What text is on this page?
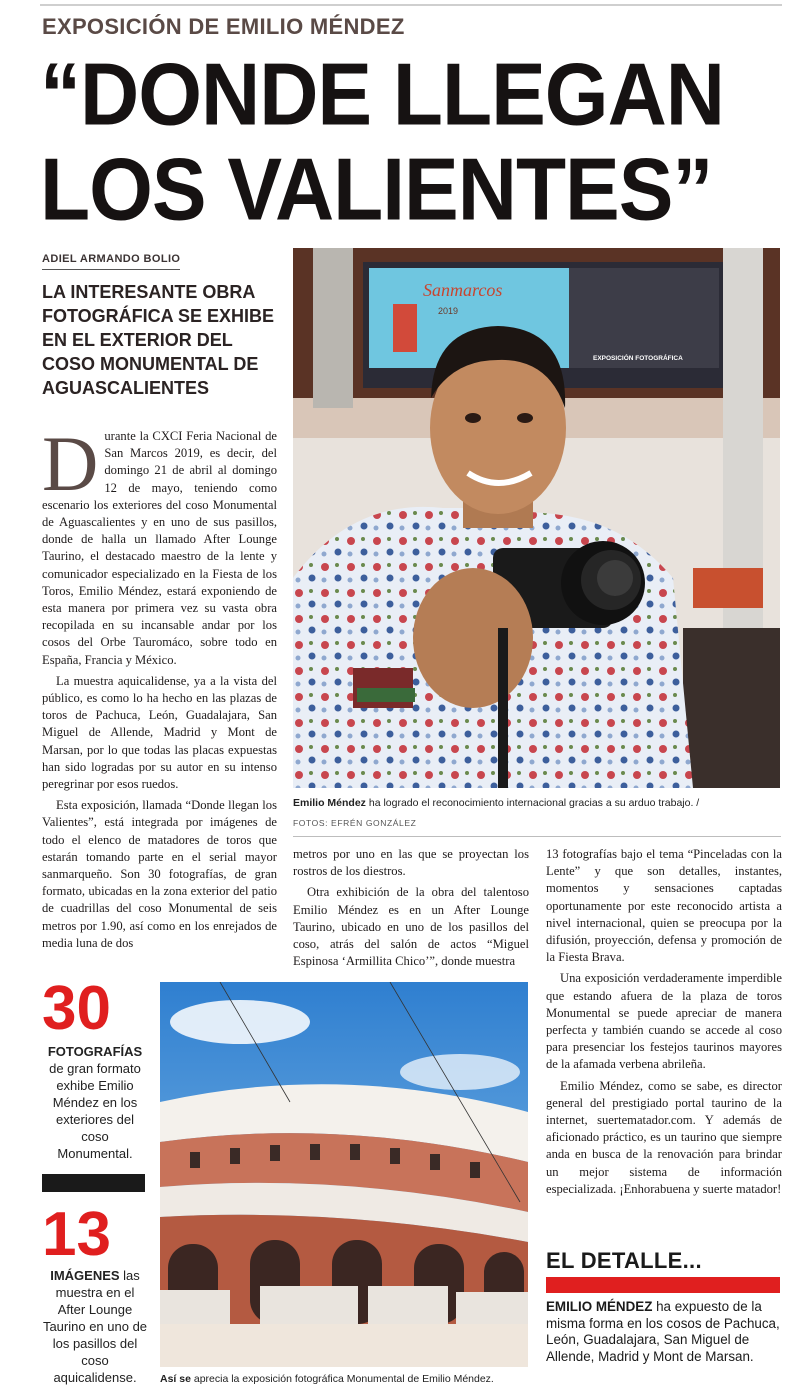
EXPOSICIÓN DE EMILIO MÉNDEZ
“DONDE LLEGAN
LOS VALIENTES”
ADIEL ARMANDO BOLIO
LA INTERESANTE OBRA FOTOGRÁFICA SE EXHIBE EN EL EXTERIOR DEL COSO MONUMENTAL DE AGUASCALIENTES

Durante la CXCI Feria Nacional de San Marcos 2019, es decir, del domingo 21 de abril al domingo 12 de mayo, teniendo como escenario los exteriores del coso Monumental de Aguascalientes y en uno de sus pasillos, donde de halla un llamado After Lounge Taurino, el destacado maestro de la lente y comunicador especializado en la Fiesta de los Toros, Emilio Méndez, estará exponiendo de esta manera por primera vez su vasta obra recopilada en su incansable andar por los cosos del Orbe Tauromáco, sobre todo en España, Francia y México.

La muestra aquicalidense, ya a la vista del público, es como lo ha hecho en las plazas de toros de Pachuca, León, Guadalajara, San Miguel de Allende, Madrid y Mont de Marsan, por lo que todas las placas expuestas han sido logradas por su autor en su intenso peregrinar por esos ruedos.

Esta exposición, llamada “Donde llegan los Valientes”, está integrada por imágenes de todo el elenco de matadores de toros que estarán tomando parte en el serial mayor sanmarqueño. Son 30 fotografías, de gran formato, ubicadas en la zona exterior del patio de cuadrillas del coso Monumental de seis metros por 1.90, así como en los enrejados de media luna de dos

Sanmarcos
2019
EXPOSICIÓN FOTOGRÁFICA
Emilio Méndez ha logrado el reconocimiento internacional gracias a su arduo trabajo. /
FOTOS: EFRÉN GONZÁLEZ

metros por uno en las que se proyectan los rostros de los diestros.

Otra exhibición de la obra del talentoso Emilio Méndez es en un After Lounge Taurino, ubicado en uno de los pasillos del coso, atrás del salón de actos “Miguel Espinosa ‘Armillita Chico’”, donde muestra

13 fotografías bajo el tema “Pinceladas con la Lente” y que son detalles, instantes, momentos y sensaciones captadas oportunamente por este reconocido artista a nivel internacional, quien se preocupa por la difusión, proyección, defensa y promoción de la Fiesta Brava.

Una exposición verdaderamente imperdible que estando afuera de la plaza de toros Monumental se puede apreciar de manera perfecta y también cuando se accede al coso para presenciar los festejos taurinos mayores de la afamada verbena abrileña.

Emilio Méndez, como se sabe, es director general del prestigiado portal taurino de la internet, suertematador.com. Y además de aficionado práctico, es un taurino que siempre anda en busca de la renovación para brindar un mejor sistema de información especializada. ¡Enhorabuena y suerte matador!

30
FOTOGRAFÍAS de gran formato exhibe Emilio Méndez en los exteriores del coso Monumental.
13
IMÁGENES las muestra en el After Lounge Taurino en uno de los pasillos del coso aquicalidense.	Así se aprecia la exposición fotográfica Monumental de Emilio Méndez.
EL DETALLE...
EMILIO MÉNDEZ ha expuesto de la misma forma en los cosos de Pachuca, León, Guadalajara, San Miguel de Allende, Madrid y Mont de Marsan.
